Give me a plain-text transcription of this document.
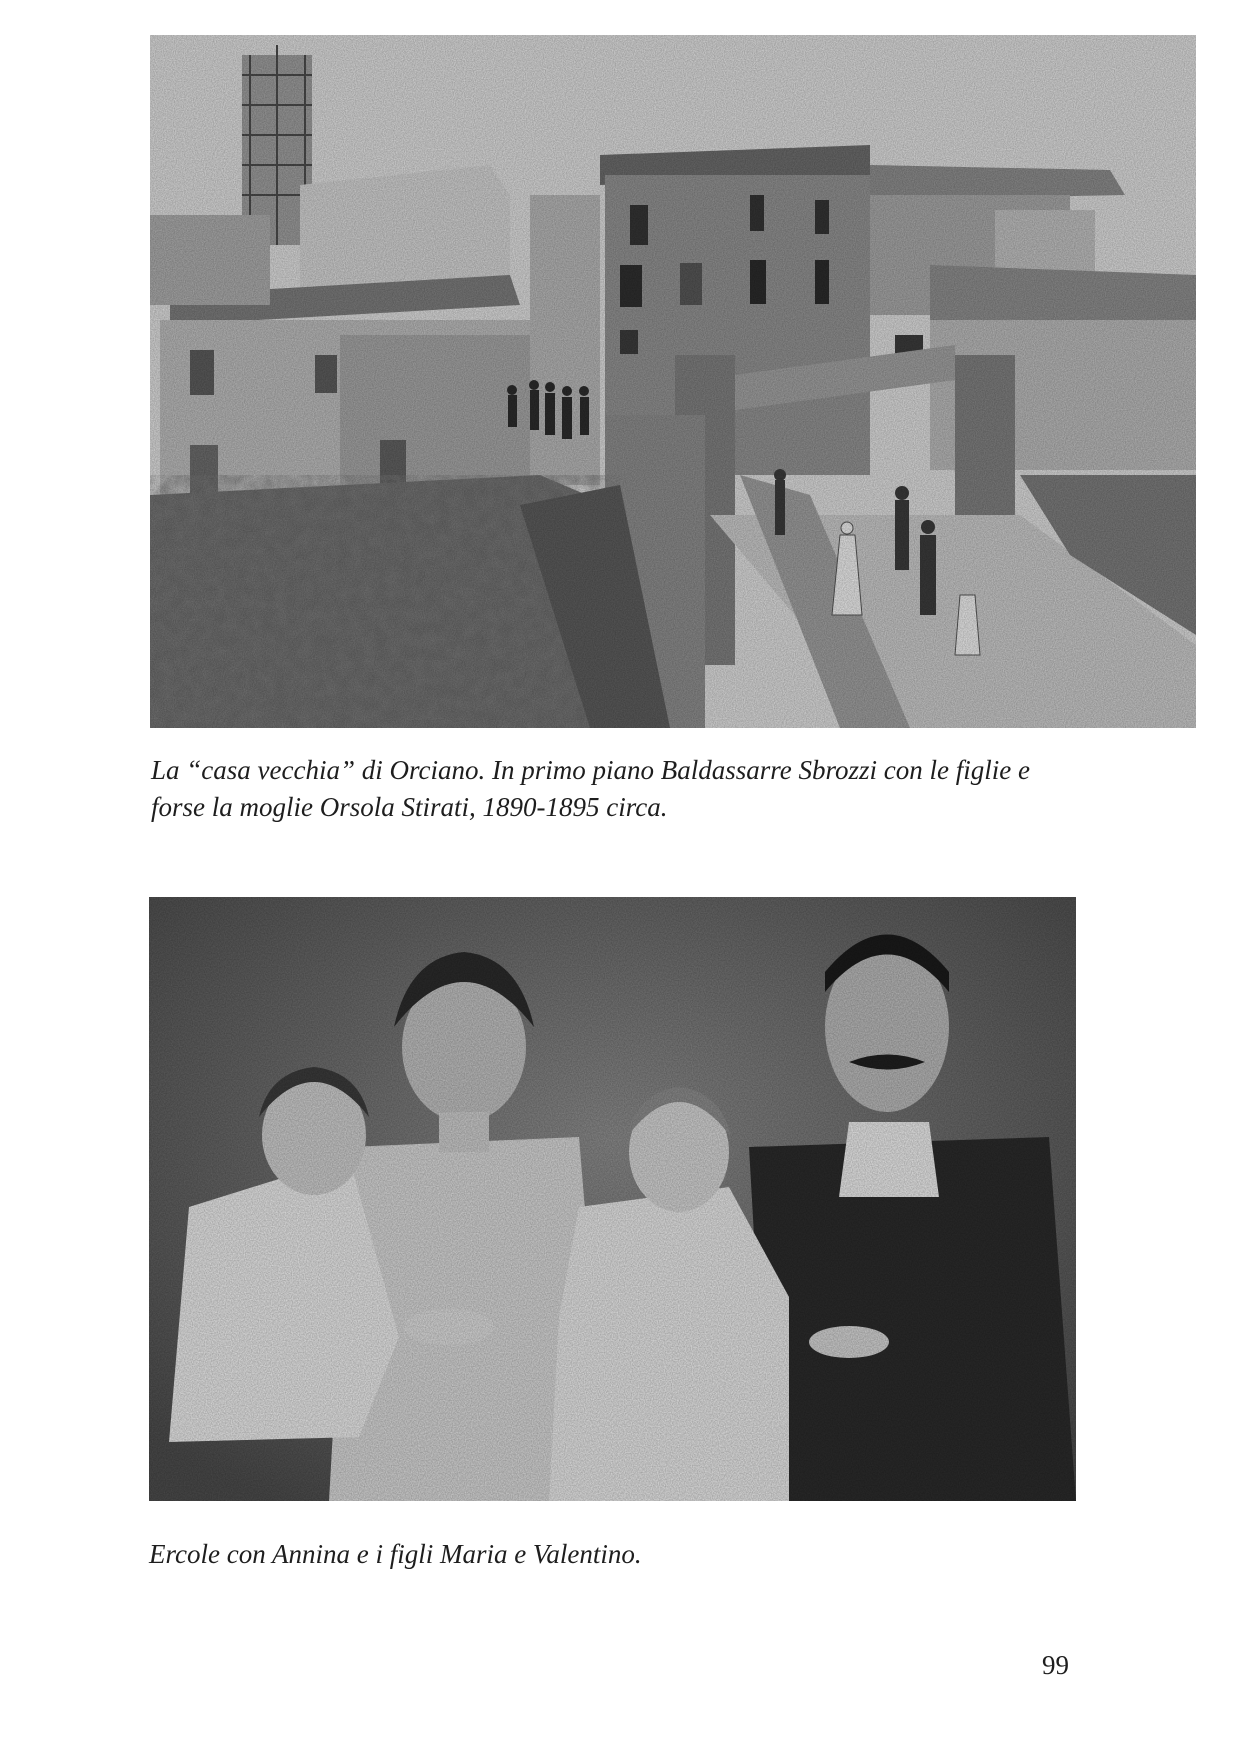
La “casa vecchia” di Orciano. In primo piano Baldassarre Sbrozzi con le figlie e
forse la moglie Orsola Stirati, 1890-1895 circa.

Ercole con Annina e i figli Maria e Valentino.

99
